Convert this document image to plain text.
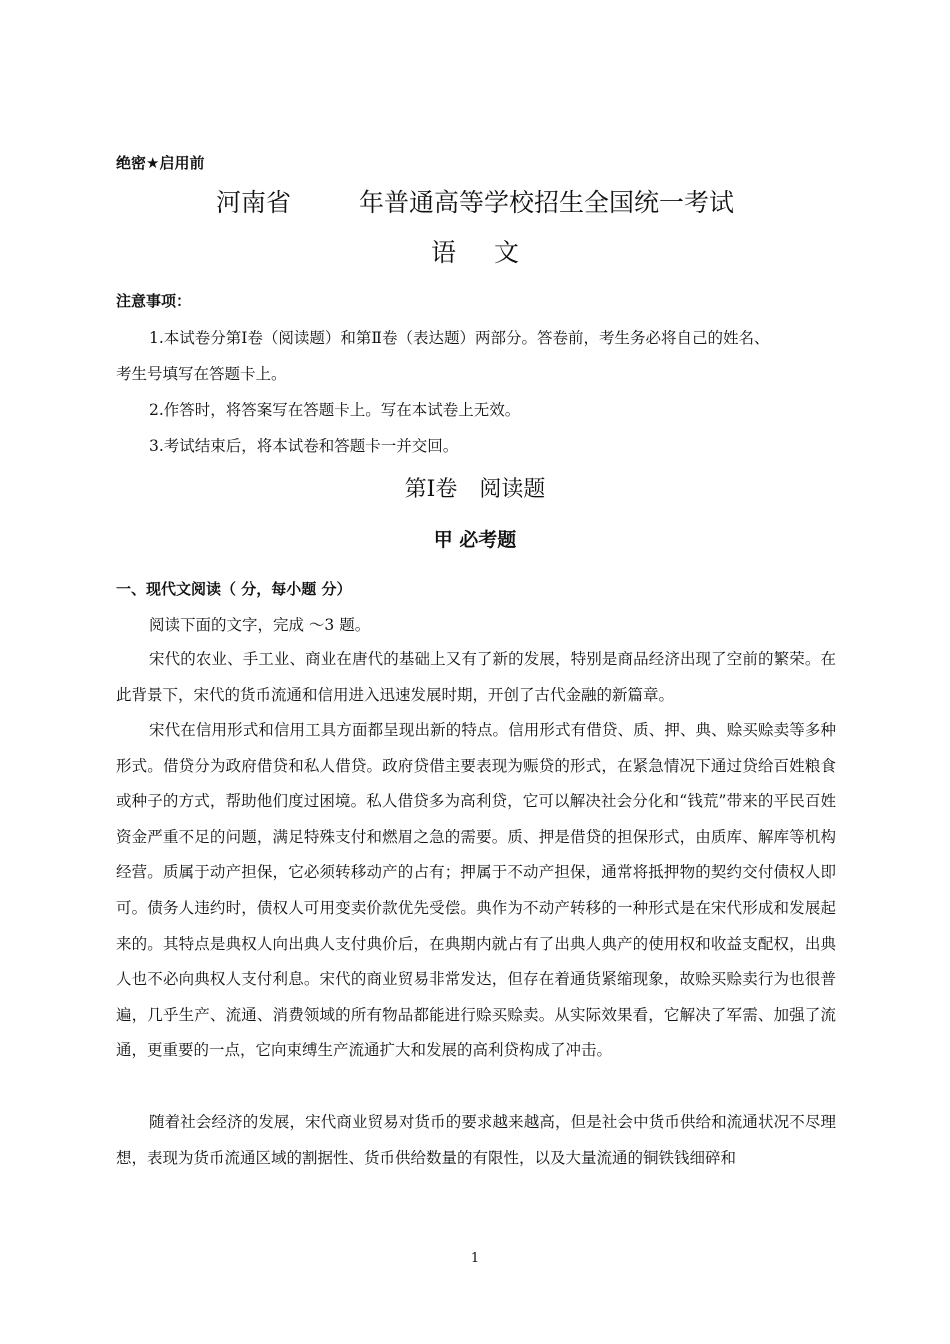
绝密★启用前
河南省	年普通高等学校招生全国统一考试
语 文
注意事项：
1.本试卷分第Ⅰ卷（阅读题）和第Ⅱ卷（表达题）两部分。答卷前，考生务必将自己的姓名、
考生号填写在答题卡上。
2.作答时，将答案写在答题卡上。写在本试卷上无效。
3.考试结束后，将本试卷和答题卡一并交回。
第Ⅰ卷 阅读题
甲 必考题
一、现代文阅读（ 分，每小题 分）
阅读下面的文字，完成 ～3 题。

宋代的农业、手工业、商业在唐代的基础上又有了新的发展，特别是商品经济出现了空前的繁荣。在此背景下，宋代的货币流通和信用进入迅速发展时期，开创了古代金融的新篇章。

宋代在信用形式和信用工具方面都呈现出新的特点。信用形式有借贷、质、押、典、赊买赊卖等多种形式。借贷分为政府借贷和私人借贷。政府贷借主要表现为赈贷的形式，在紧急情况下通过贷给百姓粮食或种子的方式，帮助他们度过困境。私人借贷多为高利贷，它可以解决社会分化和“钱荒”带来的平民百姓资金严重不足的问题，满足特殊支付和燃眉之急的需要。质、押是借贷的担保形式，由质库、解库等机构经营。质属于动产担保，它必须转移动产的占有；押属于不动产担保，通常将抵押物的契约交付债权人即可。债务人违约时，债权人可用变卖价款优先受偿。典作为不动产转移的一种形式是在宋代形成和发展起来的。其特点是典权人向出典人支付典价后，在典期内就占有了出典人典产的使用权和收益支配权，出典人也不必向典权人支付利息。宋代的商业贸易非常发达，但存在着通货紧缩现象，故赊买赊卖行为也很普遍，几乎生产、流通、消费领域的所有物品都能进行赊买赊卖。从实际效果看，它解决了军需、加强了流通，更重要的一点，它向束缚生产流通扩大和发展的高利贷构成了冲击。

随着社会经济的发展，宋代商业贸易对货币的要求越来越高，但是社会中货币供给和流通状况不尽理想，表现为货币流通区域的割据性、货币供给数量的有限性，以及大量流通的铜铁钱细碎和

1
